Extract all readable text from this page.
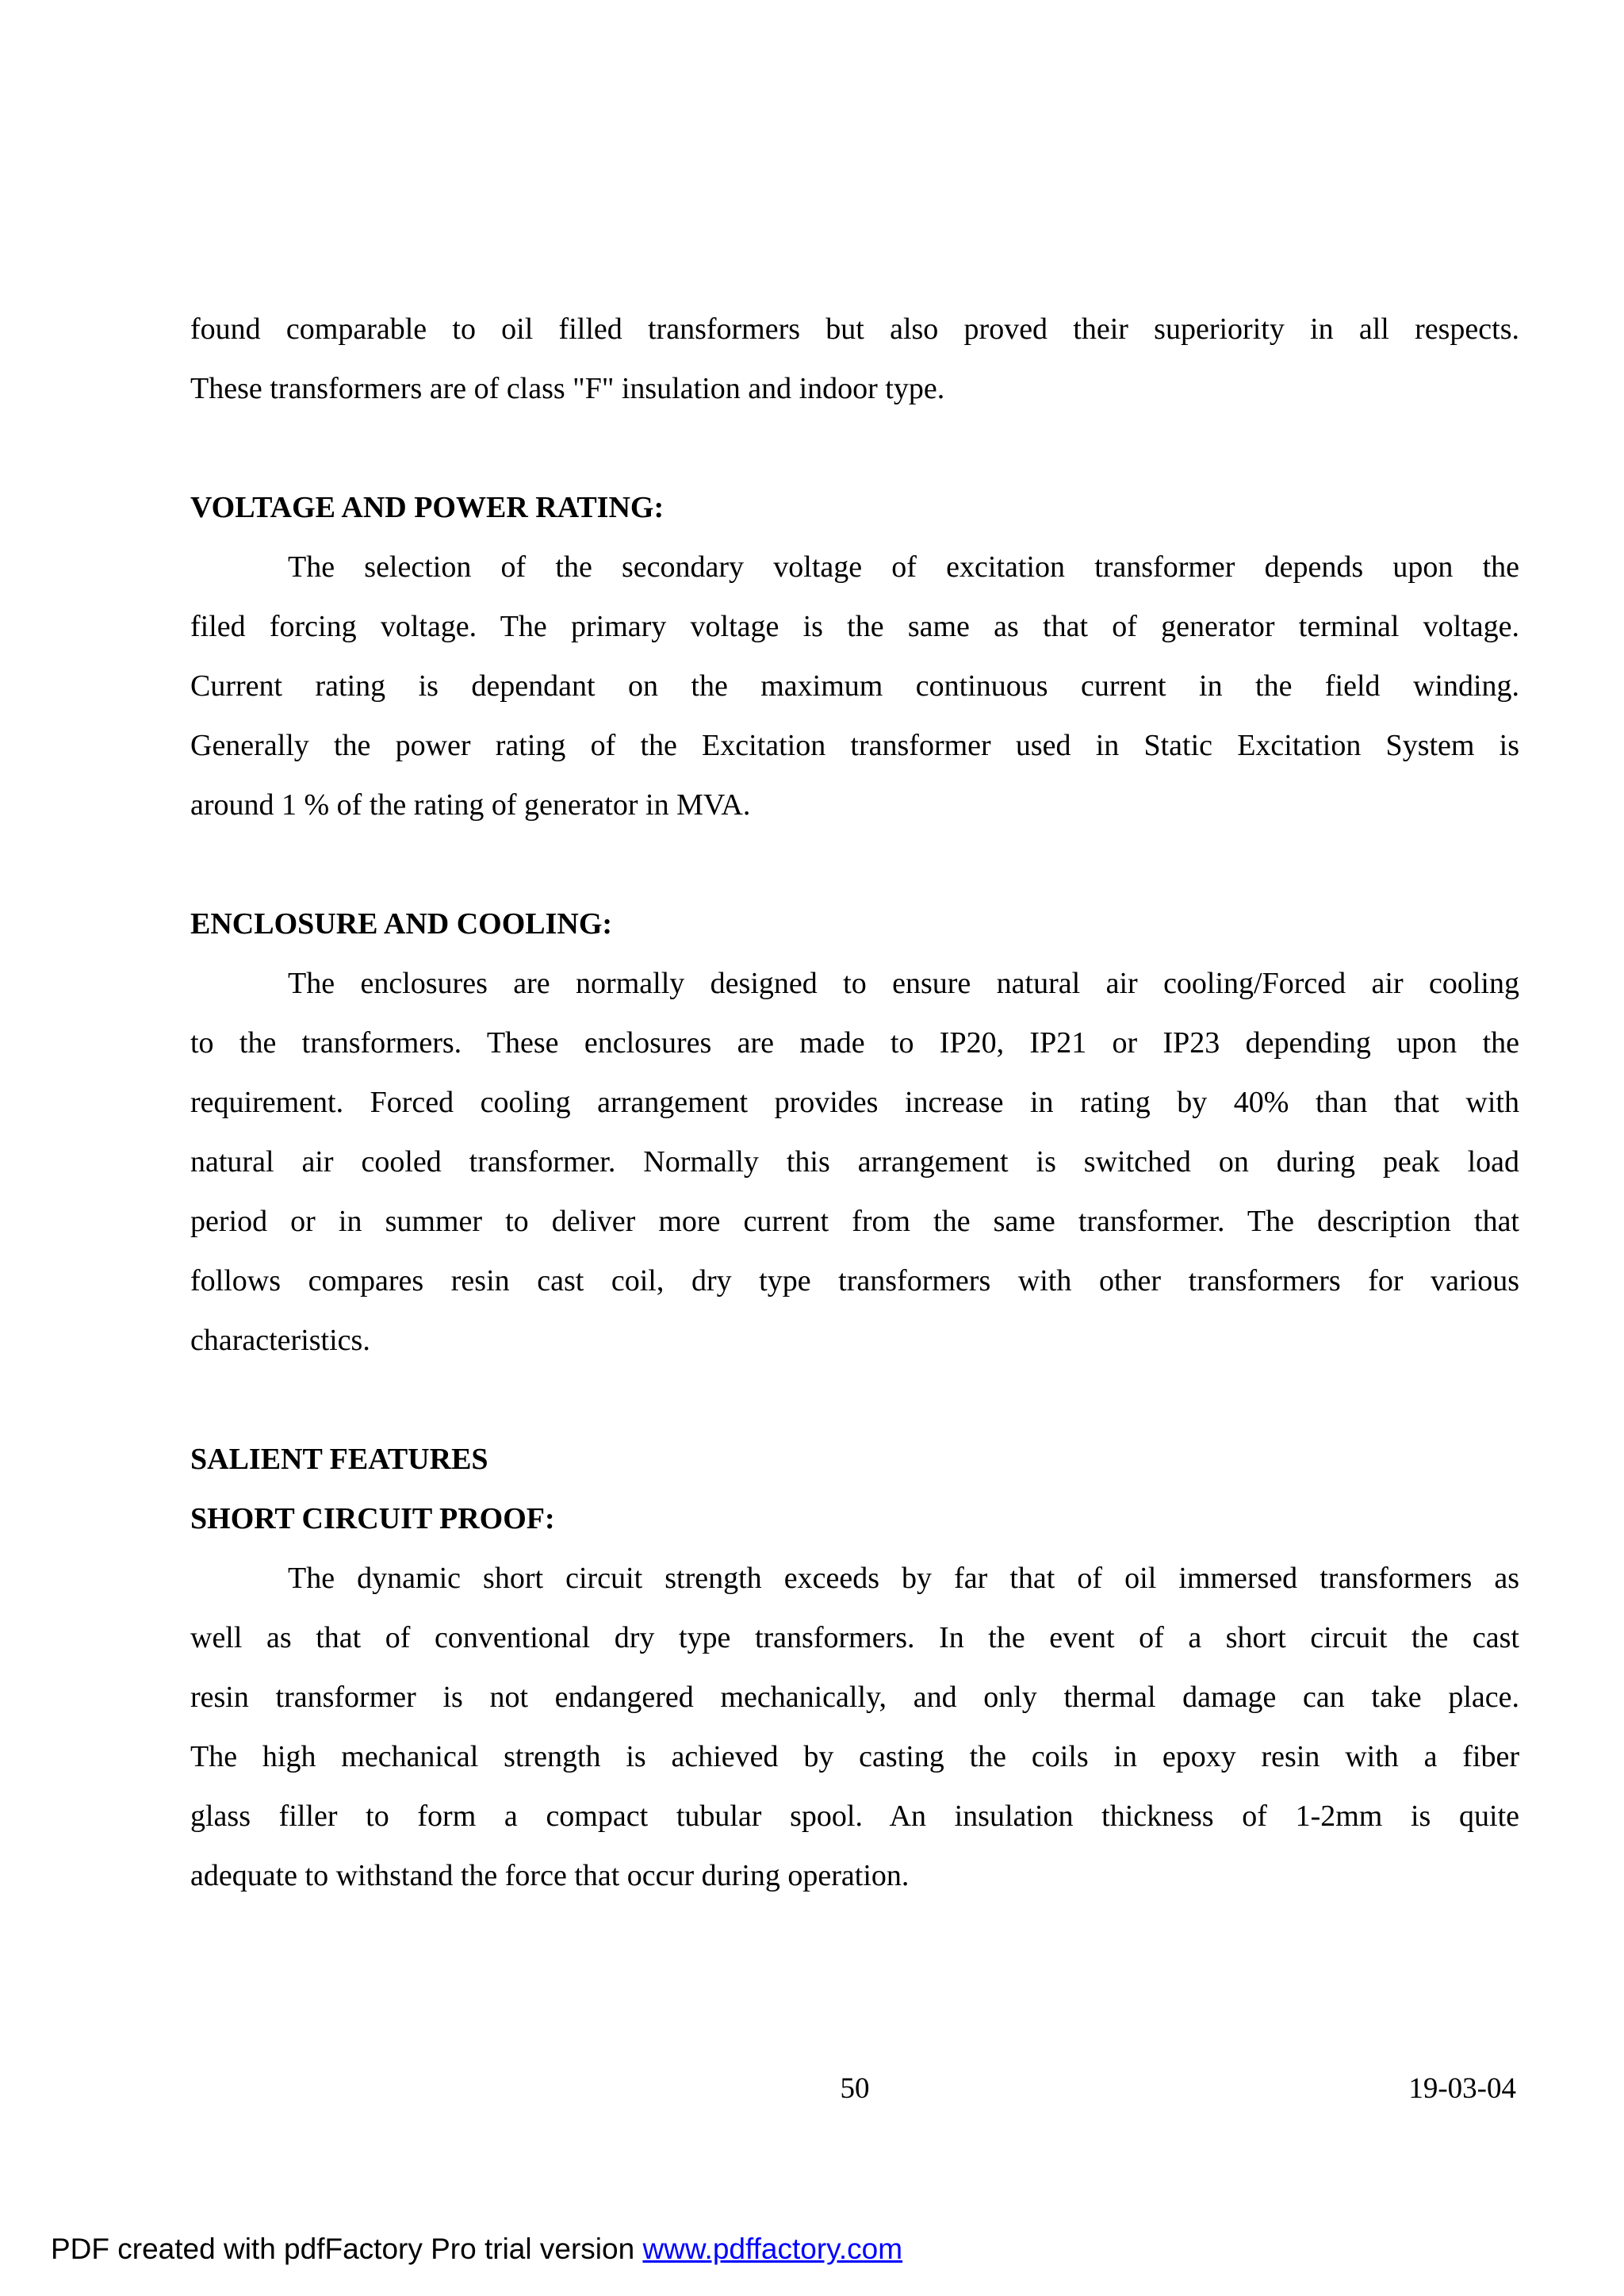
found comparable to oil filled transformers but also proved their superiority in all respects.
These transformers are of class "F" insulation and indoor type.
VOLTAGE AND POWER RATING:
The selection of the secondary voltage of excitation transformer depends upon the
filed forcing voltage. The primary voltage is the same as that of generator terminal voltage.
Current rating is dependant on the maximum continuous current in the field winding.
Generally the power rating of the Excitation transformer used in Static Excitation System is
around 1 % of the rating of generator in MVA.
ENCLOSURE AND COOLING:
The enclosures are normally designed to ensure natural air cooling/Forced air cooling
to the transformers. These enclosures are made to IP20, IP21 or IP23 depending upon the
requirement. Forced cooling arrangement provides increase in rating by 40% than that with
natural air cooled transformer. Normally this arrangement is switched on during peak load
period or in summer to deliver more current from the same transformer. The description that
follows compares resin cast coil, dry type transformers with other transformers for various
characteristics.
SALIENT FEATURES
SHORT CIRCUIT PROOF:
The dynamic short circuit strength exceeds by far that of oil immersed transformers as
well as that of conventional dry type transformers. In the event of a short circuit the cast
resin transformer is not endangered mechanically, and only thermal damage can take place.
The high mechanical strength is achieved by casting the coils in epoxy resin with a fiber
glass filler to form a compact tubular spool. An insulation thickness of 1-2mm is quite
adequate to withstand the force that occur during operation.
50	19-03-04
PDF created with pdfFactory Pro trial version www.pdffactory.com
